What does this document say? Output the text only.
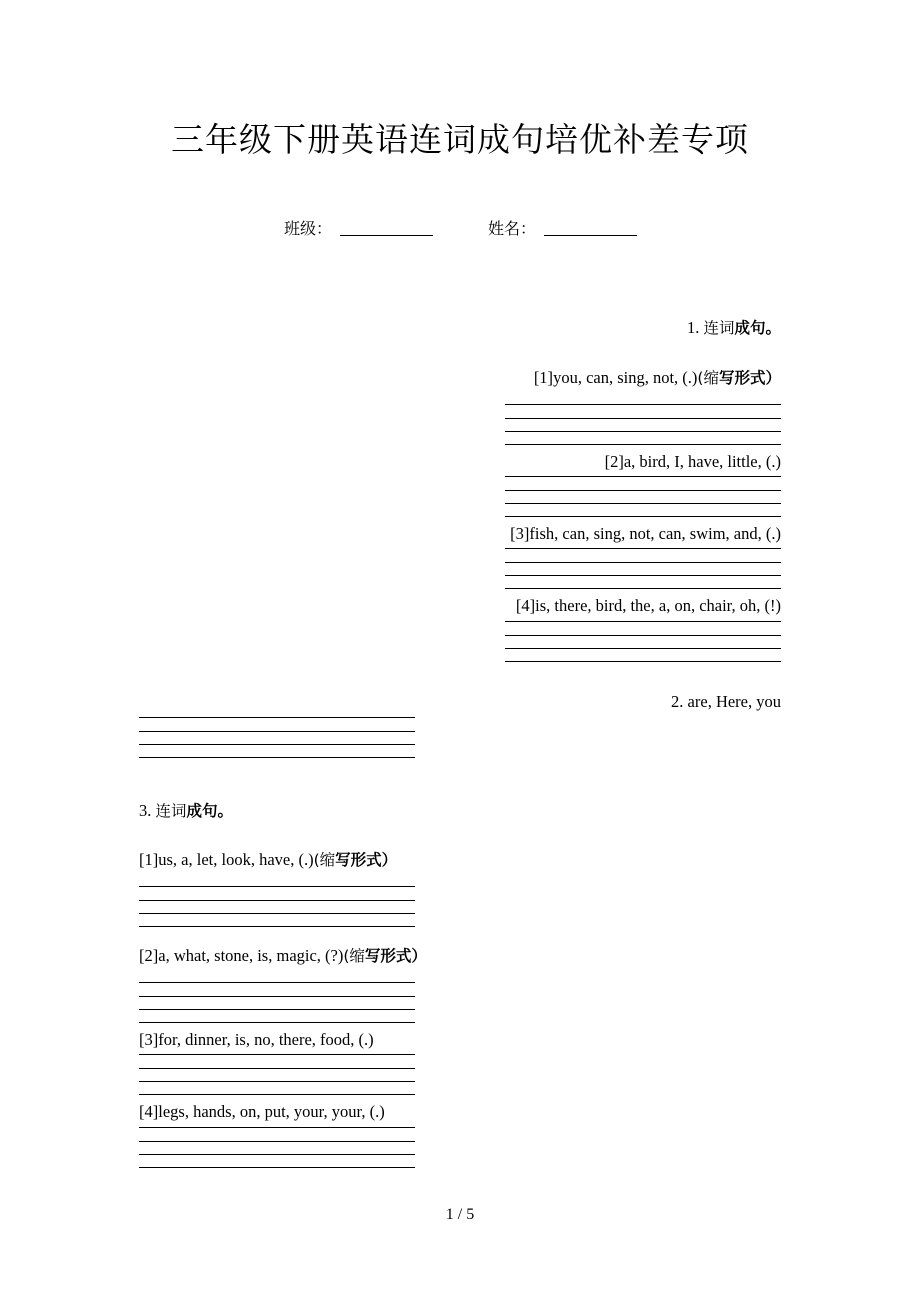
三年级下册英语连词成句培优补差专项
班级：	姓名：
1. 连词成句。
[1]you, can, sing, not, (.)(缩写形式）
[2]a, bird, I, have, little, (.)
[3]fish, can, sing, not, can, swim, and, (.)
[4]is, there, bird, the, a, on, chair, oh, (!)
2. are, Here, you
3. 连词成句。
[1]us, a, let, look, have, (.)(缩写形式）
[2]a, what, stone, is, magic, (?)(缩写形式）
[3]for, dinner, is, no, there, food, (.)
[4]legs, hands, on, put, your, your, (.)
1 / 5
